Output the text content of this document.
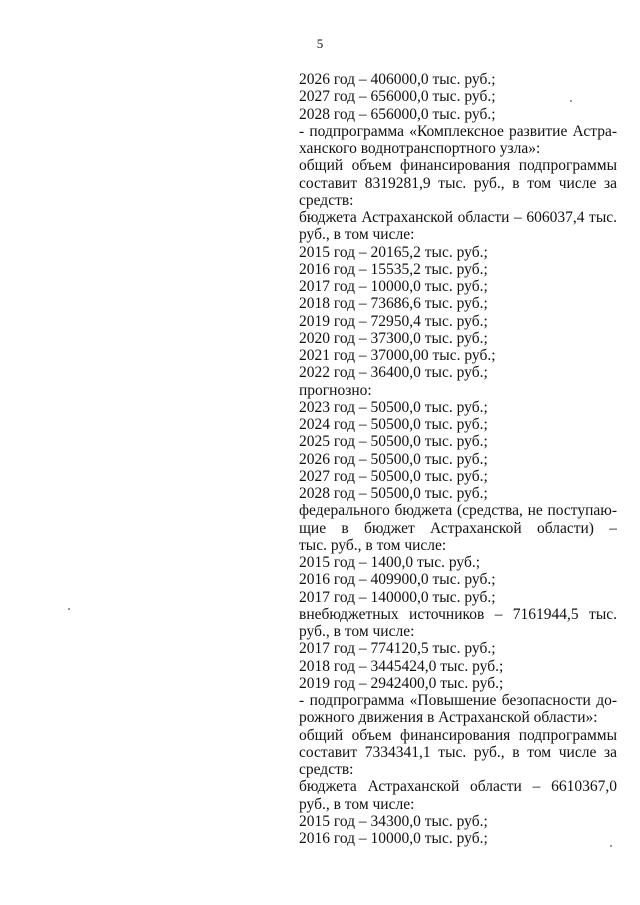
5
2026 год – 406000,0 тыс. руб.;
2027 год – 656000,0 тыс. руб.;
2028 год – 656000,0 тыс. руб.;
- подпрограмма «Комплексное развитие Астра-
ханского воднотранспортного узла»:
общий объем финансирования подпрограммы
составит 8319281,9 тыс. руб., в том числе за
средств:
бюджета Астраханской области – 606037,4 тыс.
руб., в том числе:
2015 год – 20165,2 тыс. руб.;
2016 год – 15535,2 тыс. руб.;
2017 год – 10000,0 тыс. руб.;
2018 год – 73686,6 тыс. руб.;
2019 год – 72950,4 тыс. руб.;
2020 год – 37300,0 тыс. руб.;
2021 год – 37000,00 тыс. руб.;
2022 год – 36400,0 тыс. руб.;
прогнозно:
2023 год – 50500,0 тыс. руб.;
2024 год – 50500,0 тыс. руб.;
2025 год – 50500,0 тыс. руб.;
2026 год – 50500,0 тыс. руб.;
2027 год – 50500,0 тыс. руб.;
2028 год – 50500,0 тыс. руб.;
федерального бюджета (средства, не поступаю-
щие в бюджет Астраханской области) –
тыс. руб., в том числе:
2015 год – 1400,0 тыс. руб.;
2016 год – 409900,0 тыс. руб.;
2017 год – 140000,0 тыс. руб.;
внебюджетных источников – 7161944,5 тыс.
руб., в том числе:
2017 год – 774120,5 тыс. руб.;
2018 год – 3445424,0 тыс. руб.;
2019 год – 2942400,0 тыс. руб.;
- подпрограмма «Повышение безопасности до-
рожного движения в Астраханской области»:
общий объем финансирования подпрограммы
составит 7334341,1 тыс. руб., в том числе за
средств:
бюджета Астраханской области – 6610367,0
руб., в том числе:
2015 год – 34300,0 тыс. руб.;
2016 год – 10000,0 тыс. руб.;
